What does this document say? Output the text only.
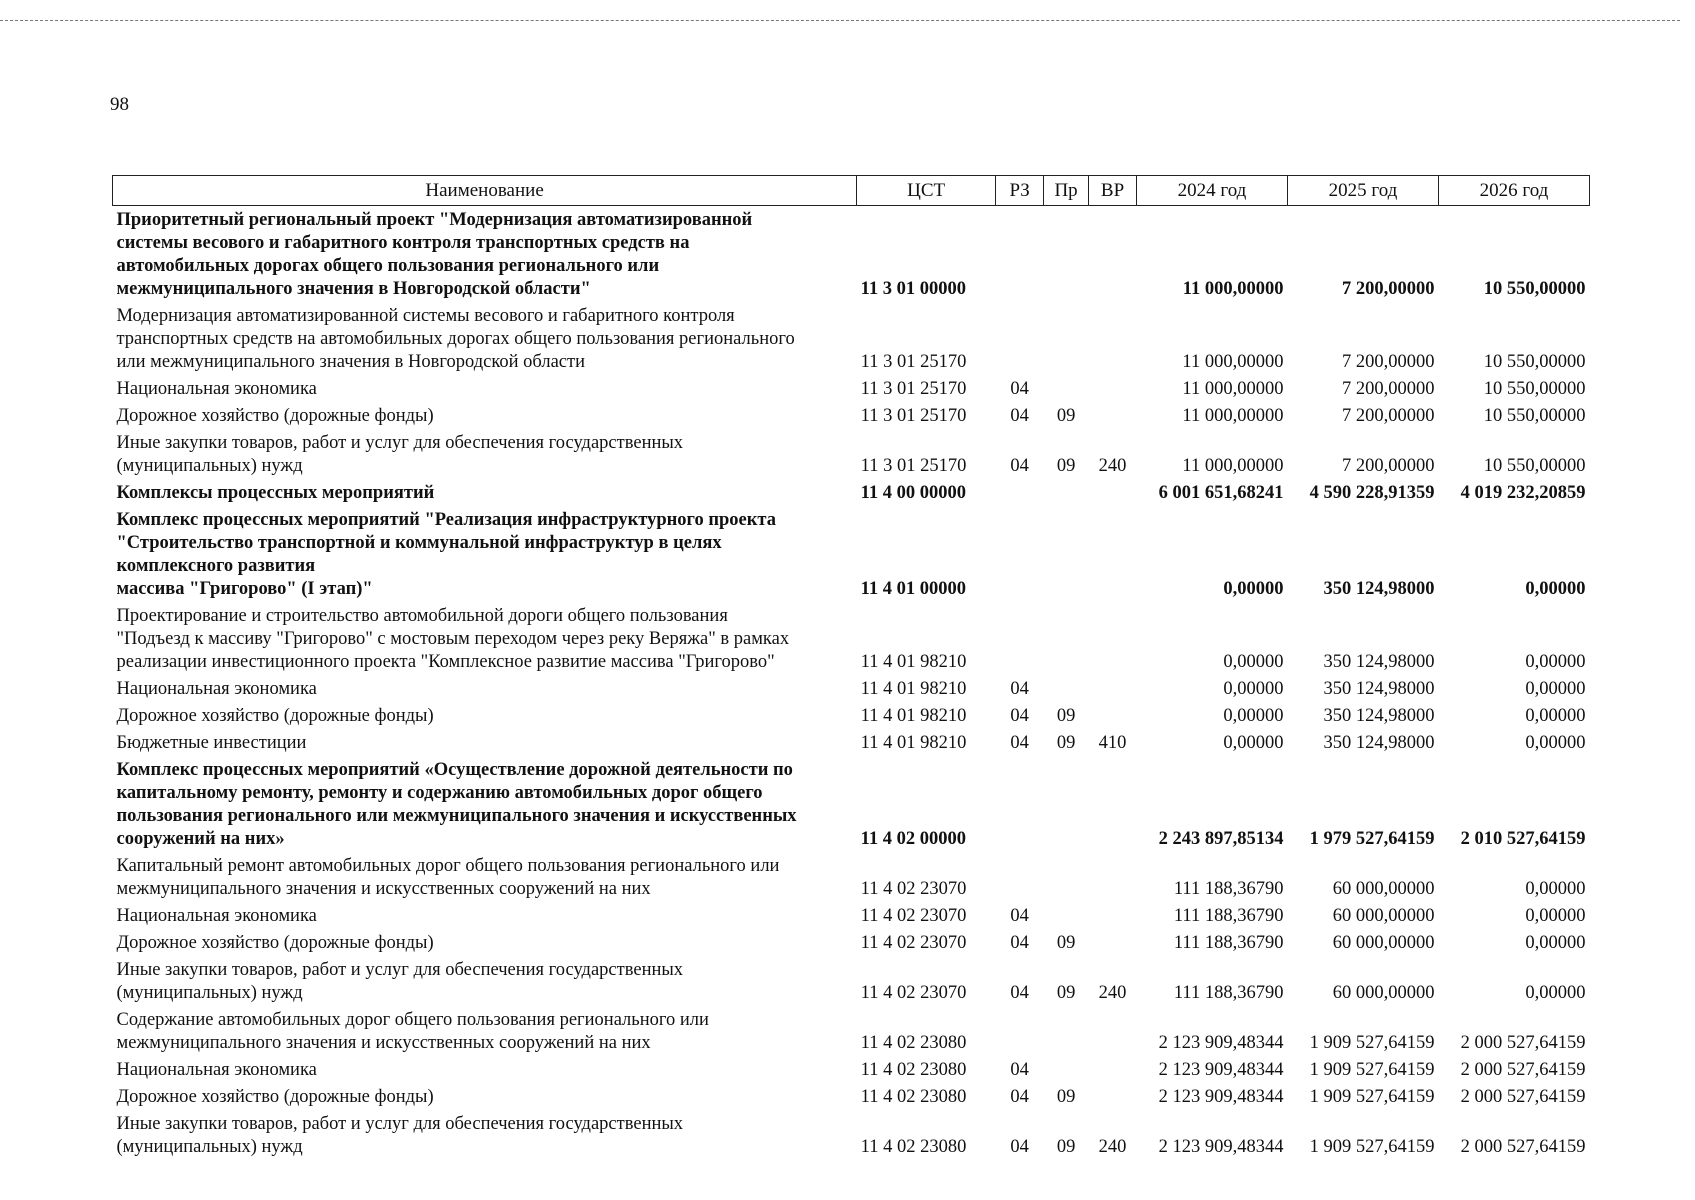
98
Наименование	ЦСТ	РЗ	Пр	ВР	2024 год	2025 год	2026 год

Приоритетный региональный проект "Модернизация автоматизированной
системы весового и габаритного контроля транспортных средств на
автомобильных дорогах общего пользования регионального или
межмуниципального значения в Новгородской области"	11 3 01 00000				11 000,00000	7 200,00000	10 550,00000

Модернизация автоматизированной системы весового и габаритного контроля
транспортных средств на автомобильных дорогах общего пользования регионального
или межмуниципального значения в Новгородской области	11 3 01 25170				11 000,00000	7 200,00000	10 550,00000

Национальная экономика	11 3 01 25170	04			11 000,00000	7 200,00000	10 550,00000

Дорожное хозяйство (дорожные фонды)	11 3 01 25170	04	09		11 000,00000	7 200,00000	10 550,00000

Иные закупки товаров, работ и услуг для обеспечения государственных
(муниципальных) нужд	11 3 01 25170	04	09	240	11 000,00000	7 200,00000	10 550,00000

Комплексы процессных мероприятий	11 4 00 00000				6 001 651,68241	4 590 228,91359	4 019 232,20859

Комплекс процессных мероприятий "Реализация инфраструктурного проекта
"Строительство транспортной и коммунальной инфраструктур в целях
комплексного развития
массива "Григорово" (I этап)"	11 4 01 00000				0,00000	350 124,98000	0,00000

Проектирование и строительство автомобильной дороги общего пользования
"Подъезд к массиву "Григорово" с мостовым переходом через реку Веряжа" в рамках
реализации инвестиционного проекта "Комплексное развитие массива "Григорово"	11 4 01 98210				0,00000	350 124,98000	0,00000

Национальная экономика	11 4 01 98210	04			0,00000	350 124,98000	0,00000

Дорожное хозяйство (дорожные фонды)	11 4 01 98210	04	09		0,00000	350 124,98000	0,00000

Бюджетные инвестиции	11 4 01 98210	04	09	410	0,00000	350 124,98000	0,00000

Комплекс процессных мероприятий «Осуществление дорожной деятельности по
капитальному ремонту, ремонту и содержанию автомобильных дорог общего
пользования регионального или межмуниципального значения и искусственных
сооружений на них»	11 4 02 00000				2 243 897,85134	1 979 527,64159	2 010 527,64159

Капитальный ремонт автомобильных дорог общего пользования регионального или
межмуниципального значения и искусственных сооружений на них	11 4 02 23070				111 188,36790	60 000,00000	0,00000

Национальная экономика	11 4 02 23070	04			111 188,36790	60 000,00000	0,00000

Дорожное хозяйство (дорожные фонды)	11 4 02 23070	04	09		111 188,36790	60 000,00000	0,00000

Иные закупки товаров, работ и услуг для обеспечения государственных
(муниципальных) нужд	11 4 02 23070	04	09	240	111 188,36790	60 000,00000	0,00000

Содержание автомобильных дорог общего пользования регионального или
межмуниципального значения и искусственных сооружений на них	11 4 02 23080				2 123 909,48344	1 909 527,64159	2 000 527,64159

Национальная экономика	11 4 02 23080	04			2 123 909,48344	1 909 527,64159	2 000 527,64159

Дорожное хозяйство (дорожные фонды)	11 4 02 23080	04	09		2 123 909,48344	1 909 527,64159	2 000 527,64159

Иные закупки товаров, работ и услуг для обеспечения государственных
(муниципальных) нужд	11 4 02 23080	04	09	240	2 123 909,48344	1 909 527,64159	2 000 527,64159
